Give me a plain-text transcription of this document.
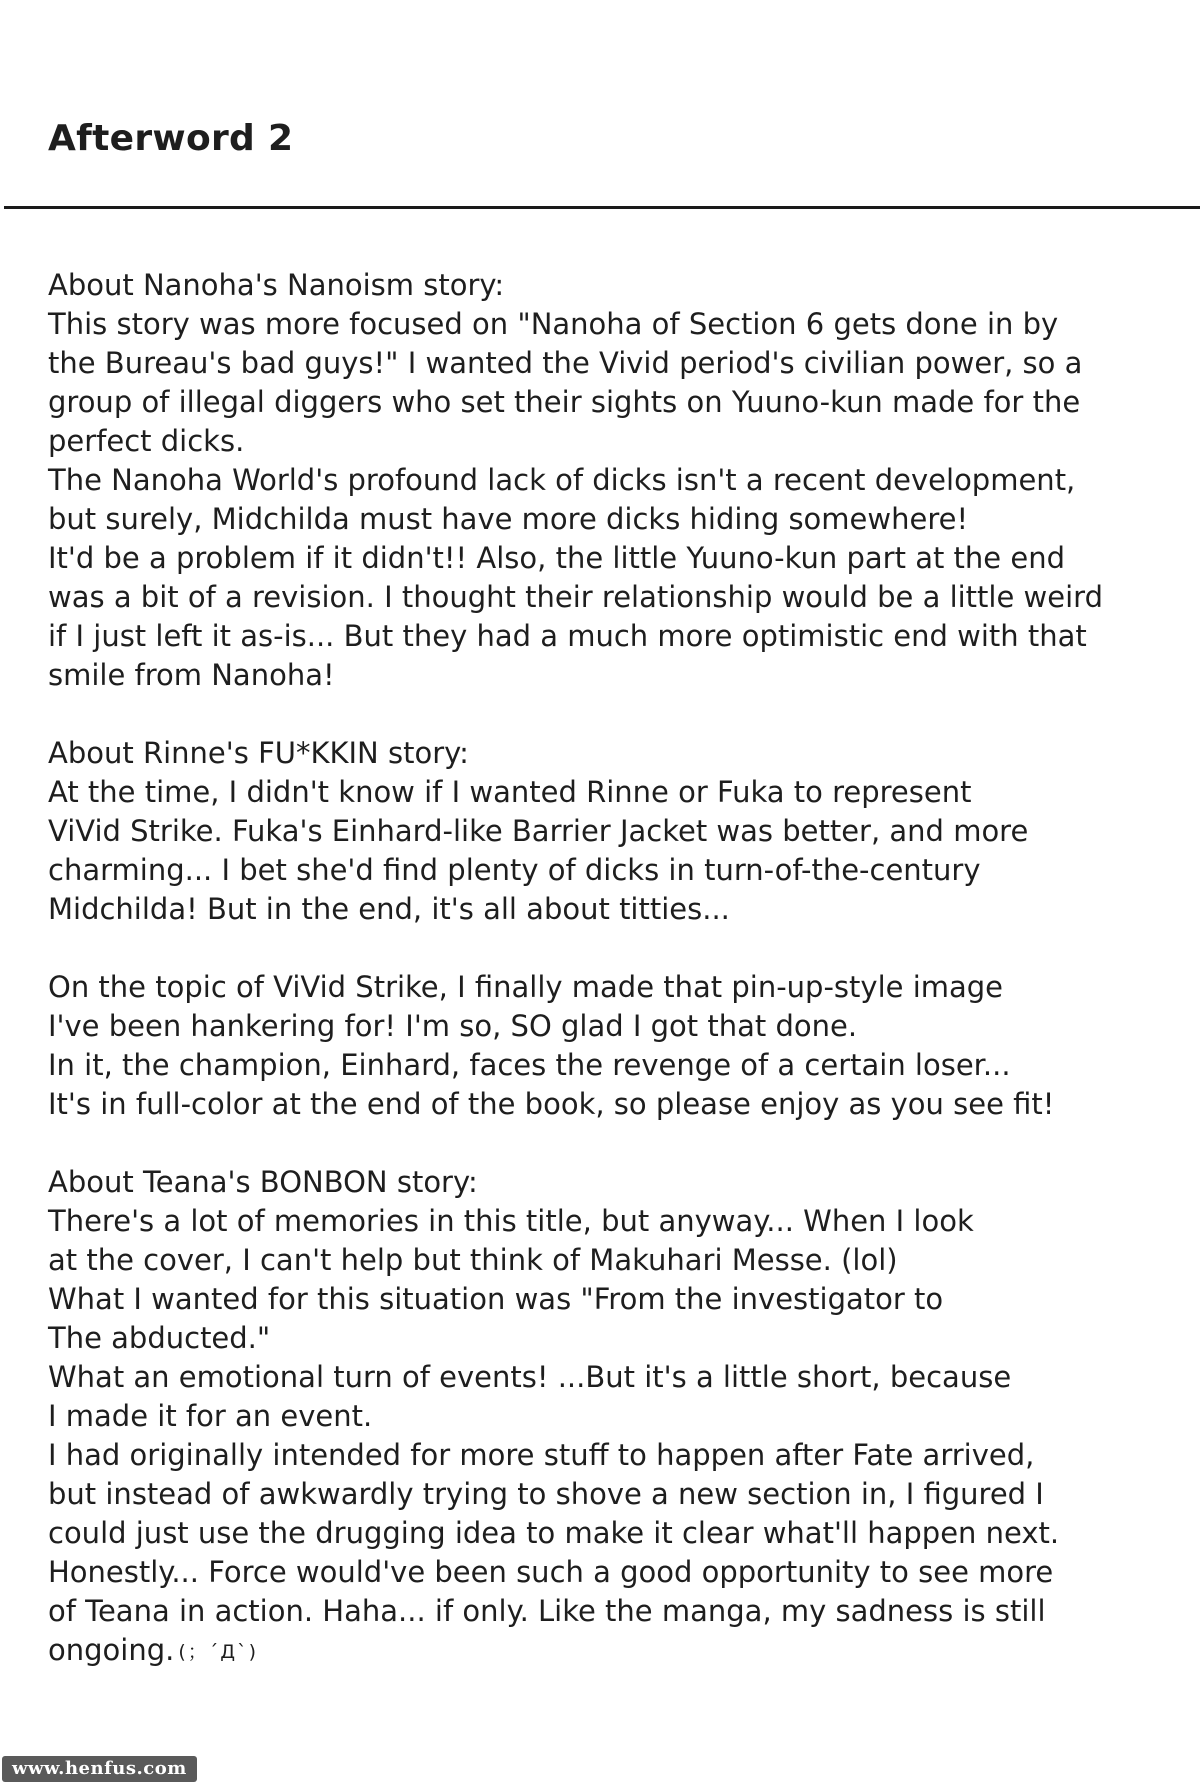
Afterword 2
About Nanoha's Nanoism story:
This story was more focused on "Nanoha of Section 6 gets done in by
the Bureau's bad guys!" I wanted the Vivid period's civilian power, so a
group of illegal diggers who set their sights on Yuuno-kun made for the
perfect dicks.
The Nanoha World's profound lack of dicks isn't a recent development,
but surely, Midchilda must have more dicks hiding somewhere!
It'd be a problem if it didn't!! Also, the little Yuuno-kun part at the end
was a bit of a revision. I thought their relationship would be a little weird
if I just left it as-is... But they had a much more optimistic end with that
smile from Nanoha!
About Rinne's FU*KKIN story:
At the time, I didn't know if I wanted Rinne or Fuka to represent
ViVid Strike. Fuka's Einhard-like Barrier Jacket was better, and more
charming... I bet she'd find plenty of dicks in turn-of-the-century
Midchilda! But in the end, it's all about titties...
On the topic of ViVid Strike, I finally made that pin-up-style image
I've been hankering for! I'm so, SO glad I got that done.
In it, the champion, Einhard, faces the revenge of a certain loser...
It's in full-color at the end of the book, so please enjoy as you see fit!
About Teana's BONBON story:
There's a lot of memories in this title, but anyway... When I look
at the cover, I can't help but think of Makuhari Messe. (lol)
What I wanted for this situation was "From the investigator to
The abducted."
What an emotional turn of events! ...But it's a little short, because
I made it for an event.
I had originally intended for more stuff to happen after Fate arrived,
but instead of awkwardly trying to shove a new section in, I figured I
could just use the drugging idea to make it clear what'll happen next.
Honestly... Force would've been such a good opportunity to see more
of Teana in action. Haha... if only. Like the manga, my sadness is still
ongoing. (；´Д`)
www.henfus.com
